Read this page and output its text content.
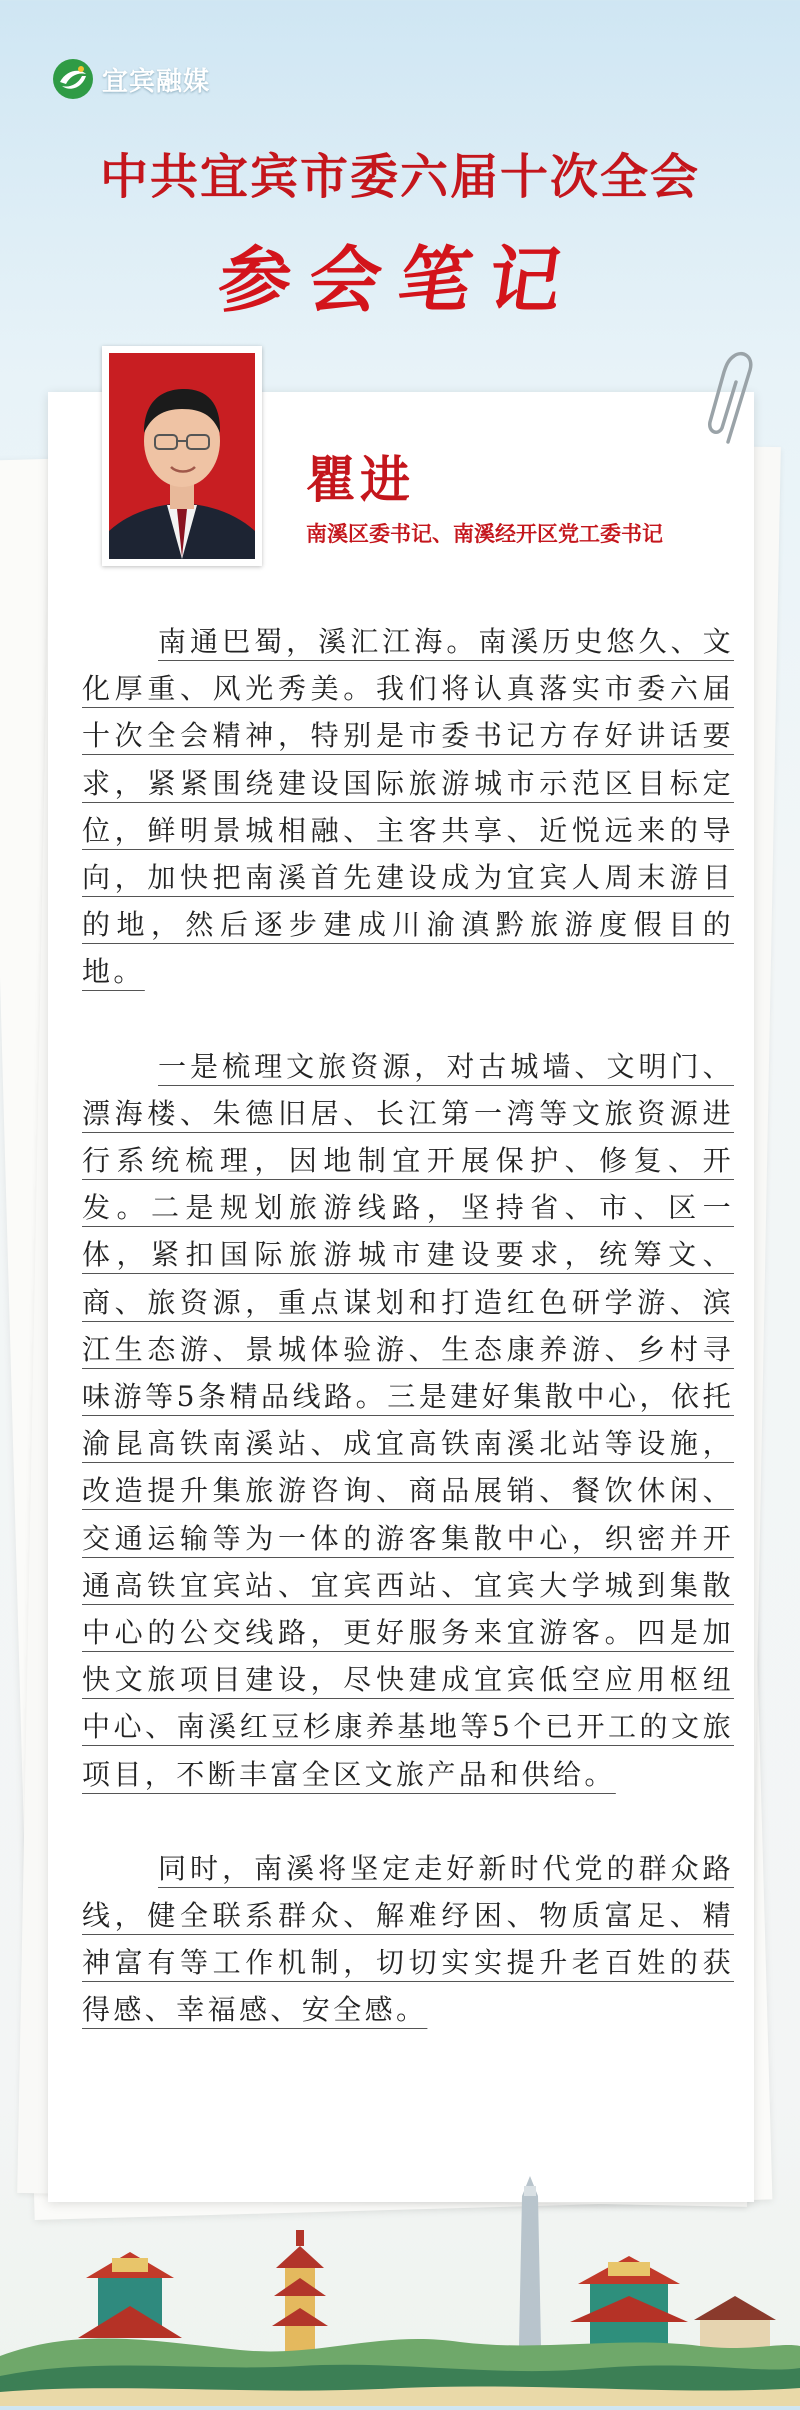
宜宾融媒
中共宜宾市委六届十次全会
参会笔记
瞿进
南溪区委书记、南溪经开区党工委书记

南通巴蜀，溪汇江海。南溪历史悠久、文化厚重、风光秀美。我们将认真落实市委六届十次全会精神，特别是市委书记方存好讲话要求，紧紧围绕建设国际旅游城市示范区目标定位，鲜明景城相融、主客共享、近悦远来的导向，加快把南溪首先建设成为宜宾人周末游目的地，然后逐步建成川渝滇黔旅游度假目的地。

一是梳理文旅资源，对古城墙、文明门、漂海楼、朱德旧居、长江第一湾等文旅资源进行系统梳理，因地制宜开展保护、修复、开发。二是规划旅游线路，坚持省、市、区一体，紧扣国际旅游城市建设要求，统筹文、商、旅资源，重点谋划和打造红色研学游、滨江生态游、景城体验游、生态康养游、乡村寻味游等5条精品线路。三是建好集散中心，依托渝昆高铁南溪站、成宜高铁南溪北站等设施，改造提升集旅游咨询、商品展销、餐饮休闲、交通运输等为一体的游客集散中心，织密并开通高铁宜宾站、宜宾西站、宜宾大学城到集散中心的公交线路，更好服务来宜游客。四是加快文旅项目建设，尽快建成宜宾低空应用枢纽中心、南溪红豆杉康养基地等5个已开工的文旅项目，不断丰富全区文旅产品和供给。

同时，南溪将坚定走好新时代党的群众路线，健全联系群众、解难纾困、物质富足、精神富有等工作机制，切切实实提升老百姓的获得感、幸福感、安全感。
